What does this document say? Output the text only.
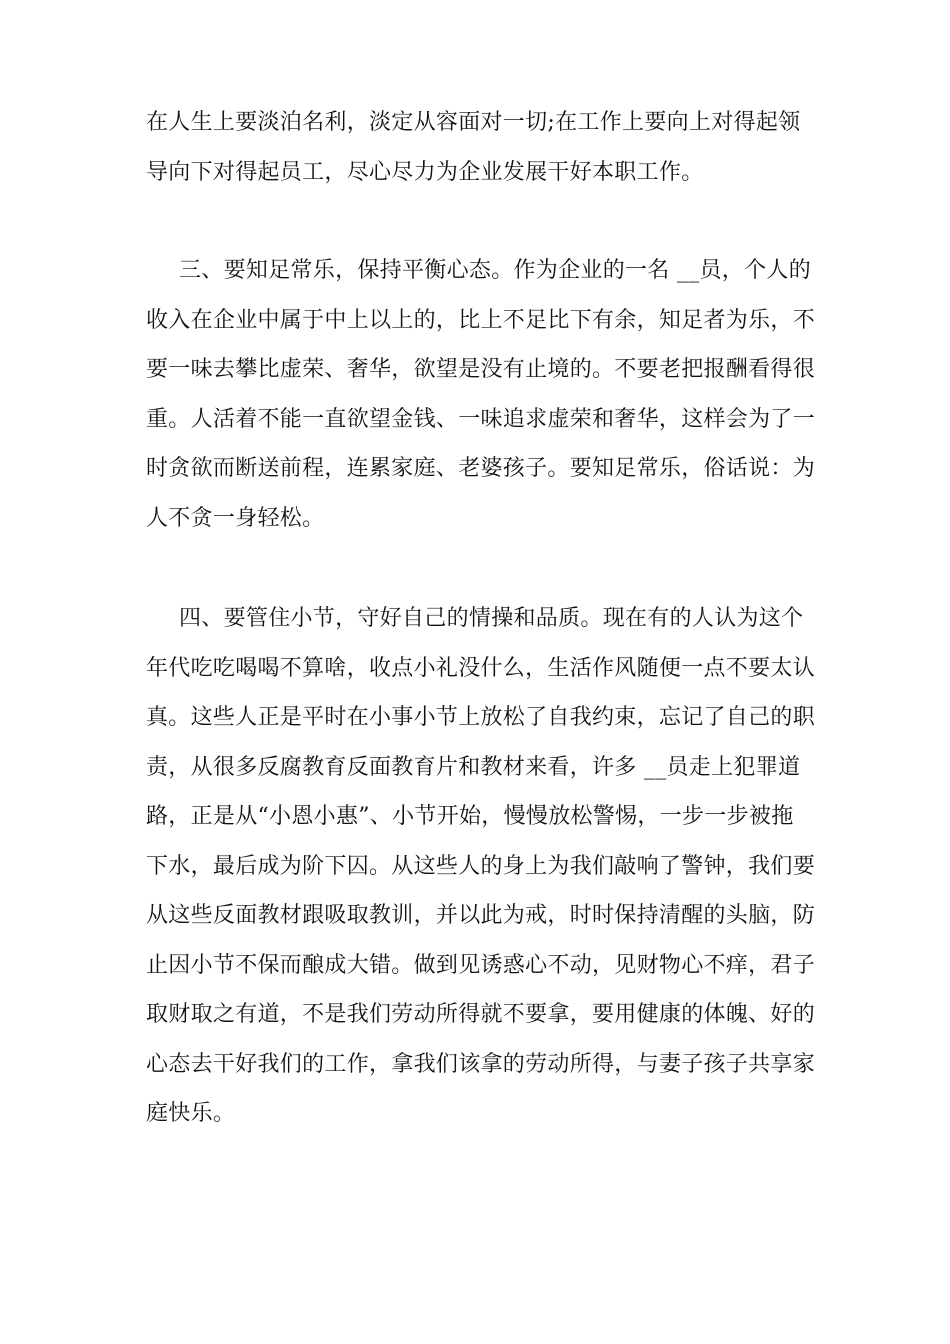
在人生上要淡泊名利，淡定从容面对一切;在工作上要向上对得起领
导向下对得起员工，尽心尽力为企业发展干好本职工作。
三、要知足常乐，保持平衡心态。作为企业的一名 __员，个人的
收入在企业中属于中上以上的，比上不足比下有余，知足者为乐，不
要一味去攀比虚荣、奢华，欲望是没有止境的。不要老把报酬看得很
重。人活着不能一直欲望金钱、一味追求虚荣和奢华，这样会为了一
时贪欲而断送前程，连累家庭、老婆孩子。要知足常乐，俗话说：为
人不贪一身轻松。
四、要管住小节，守好自己的情操和品质。现在有的人认为这个
年代吃吃喝喝不算啥，收点小礼没什么，生活作风随便一点不要太认
真。这些人正是平时在小事小节上放松了自我约束，忘记了自己的职
责，从很多反腐教育反面教育片和教材来看，许多 __员走上犯罪道
路，正是从“小恩小惠”、小节开始，慢慢放松警惕，一步一步被拖
下水，最后成为阶下囚。从这些人的身上为我们敲响了警钟，我们要
从这些反面教材跟吸取教训，并以此为戒，时时保持清醒的头脑，防
止因小节不保而酿成大错。做到见诱惑心不动，见财物心不痒，君子
取财取之有道，不是我们劳动所得就不要拿，要用健康的体魄、好的
心态去干好我们的工作，拿我们该拿的劳动所得，与妻子孩子共享家
庭快乐。
